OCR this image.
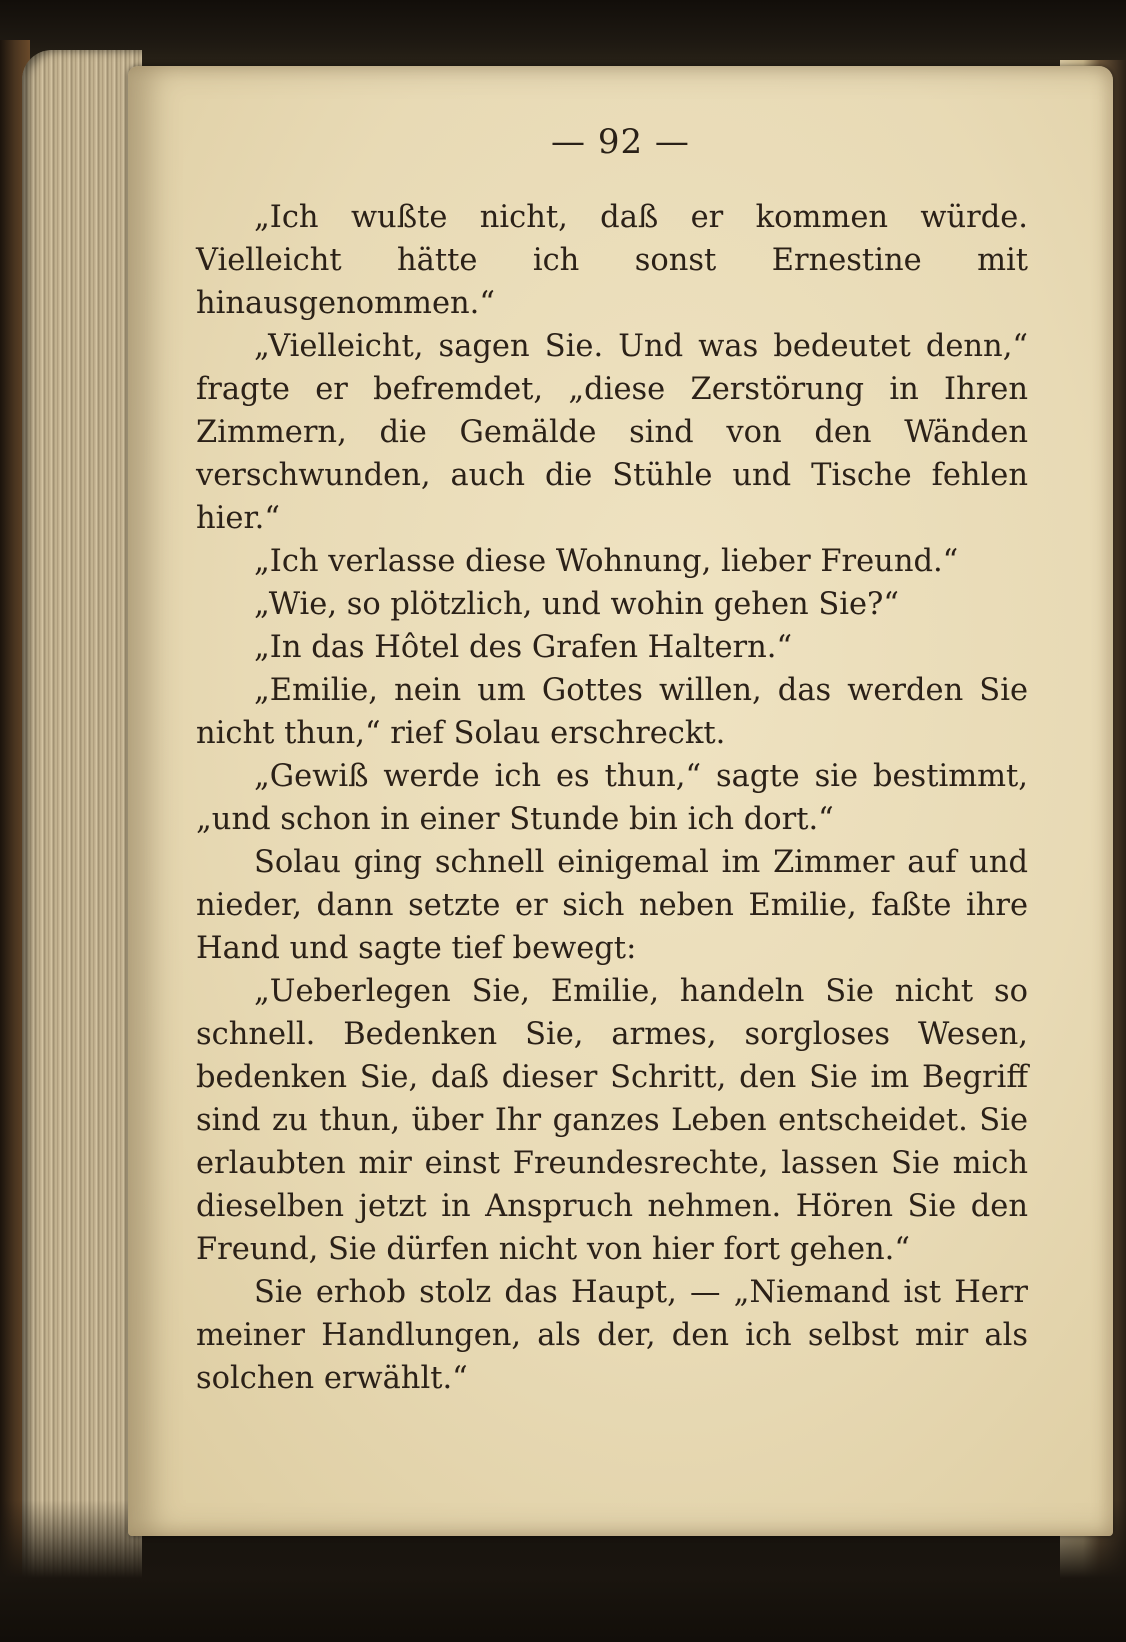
— 92 —

„Ich wußte nicht, daß er kommen würde. Vielleicht hätte ich sonst Ernestine mit hinausgenommen.“

„Vielleicht, sagen Sie. Und was bedeutet denn,“ fragte er befremdet, „diese Zerstörung in Ihren Zimmern, die Gemälde sind von den Wänden verschwunden, auch die Stühle und Tische fehlen hier.“

„Ich verlasse diese Wohnung, lieber Freund.“

„Wie, so plötzlich, und wohin gehen Sie?“

„In das Hôtel des Grafen Haltern.“

„Emilie, nein um Gottes willen, das werden Sie nicht thun,“ rief Solau erschreckt.

„Gewiß werde ich es thun,“ sagte sie bestimmt, „und schon in einer Stunde bin ich dort.“

Solau ging schnell einigemal im Zimmer auf und nieder, dann setzte er sich neben Emilie, faßte ihre Hand und sagte tief bewegt:

„Ueberlegen Sie, Emilie, handeln Sie nicht so schnell. Bedenken Sie, armes, sorgloses Wesen, bedenken Sie, daß dieser Schritt, den Sie im Begriff sind zu thun, über Ihr ganzes Leben entscheidet. Sie erlaubten mir einst Freundesrechte, lassen Sie mich dieselben jetzt in Anspruch nehmen. Hören Sie den Freund, Sie dürfen nicht von hier fort gehen.“

Sie erhob stolz das Haupt, — „Niemand ist Herr meiner Handlungen, als der, den ich selbst mir als solchen erwählt.“
